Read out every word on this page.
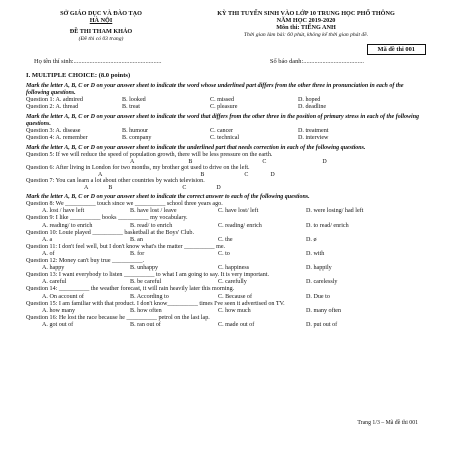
SỞ GIÁO DỤC VÀ ĐÀO TẠO
HÀ NỘI
ĐỀ THI THAM KHẢO
(Đề thi có 03 trang)
KỲ THI TUYỂN SINH VÀO LỚP 10 TRUNG HỌC PHỔ THÔNG
NĂM HỌC 2019-2020
Môn thi: TIẾNG ANH
Thời gian làm bài: 60 phút, không kể thời gian phát đề.
Mã đề thi 001
Họ tên thí sinh:.......................................................	Số báo danh:......................................
I. MULTIPLE CHOICE: (8.0 points)
Mark the letter A, B, C or D on your answer sheet to indicate the word whose underlined part differs from the other three in pronunciation in each of the following questions.
Question 1: A. admired	B. looked	C. missed	D. hoped
Question 2: A. thread	B. treat	C. pleasure	D. deadline
Mark the letter A, B, C or D on your answer sheet to indicate the word that differs from the other three in the position of primary stress in each of the following questions.
Question 3: A. disease	B. humour	C. cancer	D. treatment
Question 4: A. remember	B. company	C. technical	D. interview
Mark the letter A, B, C or D on your answer sheet to indicate the underlined part that needs correction in each of the following questions.
Question 5: If we will reduce the speed of population growth, there will be less pressure on the earth.
A	B	C	D
Question 6: After living in London for two months, my brother got used to drive on the left.
A	B	C	D
Question 7: You can learn a lot about other countries by watch television.
A	B	C	D
Mark the letter A, B, C or D on your answer sheet to indicate the correct answer to each of the following questions.
Question 8: We __________ touch since we __________ school three years ago.
A. lost / have left	B. have lost / leave	C. have lost/ left	D. were losing/ had left
Question 9: I like __________ books __________ my vocabulary.
A. reading/ to enrich	B. read/ to enrich	C. reading/ enrich	D. to read/ enrich
Question 10: Louie played __________ basketball at the Boys' Club.
A. a	B. an	C. the	D. ø
Question 11: I don't feel well, but I don't know what's the matter __________ me.
A. of	B. for	C. to	D. with
Question 12: Money can't buy true __________.
A. happy	B. unhappy	C. happiness	D. happily
Question 13: I want everybody to listen __________ to what I am going to say. It is very important.
A. careful	B. be careful	C. carefully	D. carelessly
Question 14: __________ the weather forecast, it will rain heavily later this morning.
A. On account of	B. According to	C. Because of	D. Due to
Question 15: I am familiar with that product. I don't know__________ times I've seen it advertised on TV.
A. how many	B. how often	C. how much	D. many often
Question 16: He lost the race because he __________ petrol on the last lap.
A. got out of	B. ran out of	C. made out of	D. put out of
Trang 1/3 – Mã đề thi 001
